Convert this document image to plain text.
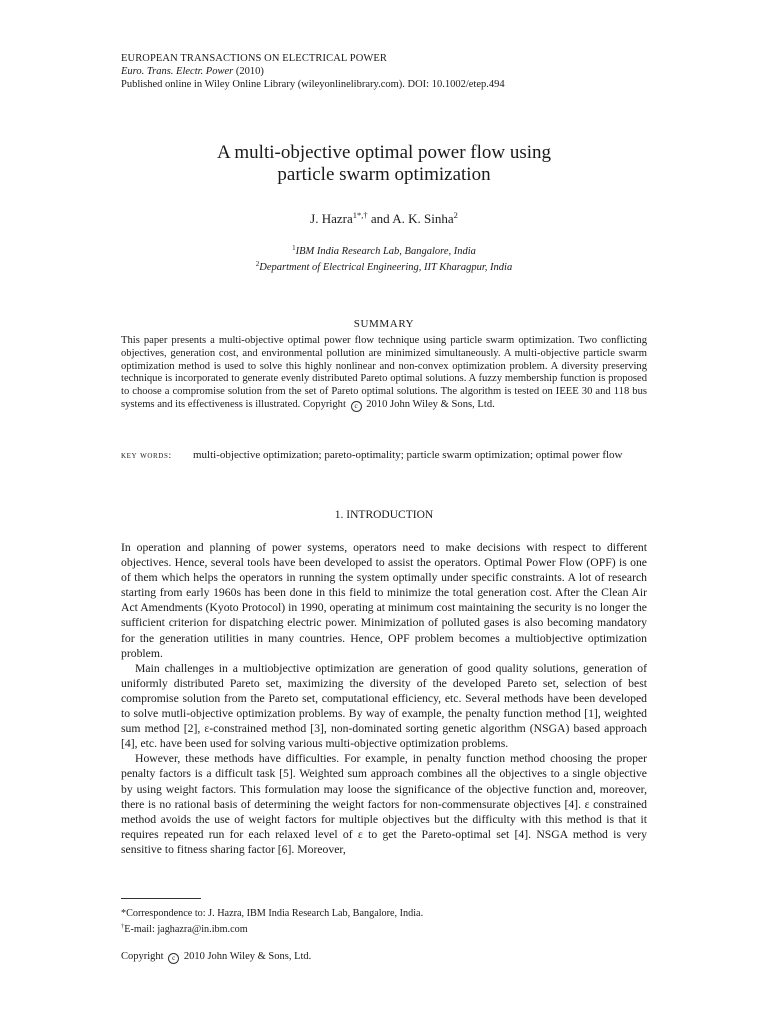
EUROPEAN TRANSACTIONS ON ELECTRICAL POWER
Euro. Trans. Electr. Power (2010)
Published online in Wiley Online Library (wileyonlinelibrary.com). DOI: 10.1002/etep.494
A multi-objective optimal power flow using
particle swarm optimization
J. Hazra$^{1*,\dagger}$ and A. K. Sinha$^2$
$^1$IBM India Research Lab, Bangalore, India
$^2$Department of Electrical Engineering, IIT Kharagpur, India
SUMMARY
This paper presents a multi-objective optimal power flow technique using particle swarm optimization. Two conflicting objectives, generation cost, and environmental pollution are minimized simultaneously. A multi-objective particle swarm optimization method is used to solve this highly nonlinear and non-convex optimization problem. A diversity preserving technique is incorporated to generate evenly distributed Pareto optimal solutions. A fuzzy membership function is proposed to choose a compromise solution from the set of Pareto optimal solutions. The algorithm is tested on IEEE 30 and 118 bus systems and its effectiveness is illustrated. Copyright c 2010 John Wiley & Sons, Ltd.
key words:	multi-objective optimization; pareto-optimality; particle swarm optimization; optimal power flow
1. INTRODUCTION

In operation and planning of power systems, operators need to make decisions with respect to different objectives. Hence, several tools have been developed to assist the operators. Optimal Power Flow (OPF) is one of them which helps the operators in running the system optimally under specific constraints. A lot of research starting from early 1960s has been done in this field to minimize the total generation cost. After the Clean Air Act Amendments (Kyoto Protocol) in 1990, operating at minimum cost maintaining the security is no longer the sufficient criterion for dispatching electric power. Minimization of polluted gases is also becoming mandatory for the generation utilities in many countries. Hence, OPF problem becomes a multiobjective optimization problem.

Main challenges in a multiobjective optimization are generation of good quality solutions, generation of uniformly distributed Pareto set, maximizing the diversity of the developed Pareto set, selection of best compromise solution from the Pareto set, computational efficiency, etc. Several methods have been developed to solve mutli-objective optimization problems. By way of example, the penalty function method [1], weighted sum method [2], ε-constrained method [3], non-dominated sorting genetic algorithm (NSGA) based approach [4], etc. have been used for solving various multi-objective optimization problems.

However, these methods have difficulties. For example, in penalty function method choosing the proper penalty factors is a difficult task [5]. Weighted sum approach combines all the objectives to a single objective by using weight factors. This formulation may loose the significance of the objective function and, moreover, there is no rational basis of determining the weight factors for non-commensurate objectives [4]. ε constrained method avoids the use of weight factors for multiple objectives but the difficulty with this method is that it requires repeated run for each relaxed level of ε to get the Pareto-optimal set [4]. NSGA method is very sensitive to fitness sharing factor [6]. Moreover,

*Correspondence to: J. Hazra, IBM India Research Lab, Bangalore, India.
†E-mail: jaghazra@in.ibm.com
Copyright c 2010 John Wiley & Sons, Ltd.
